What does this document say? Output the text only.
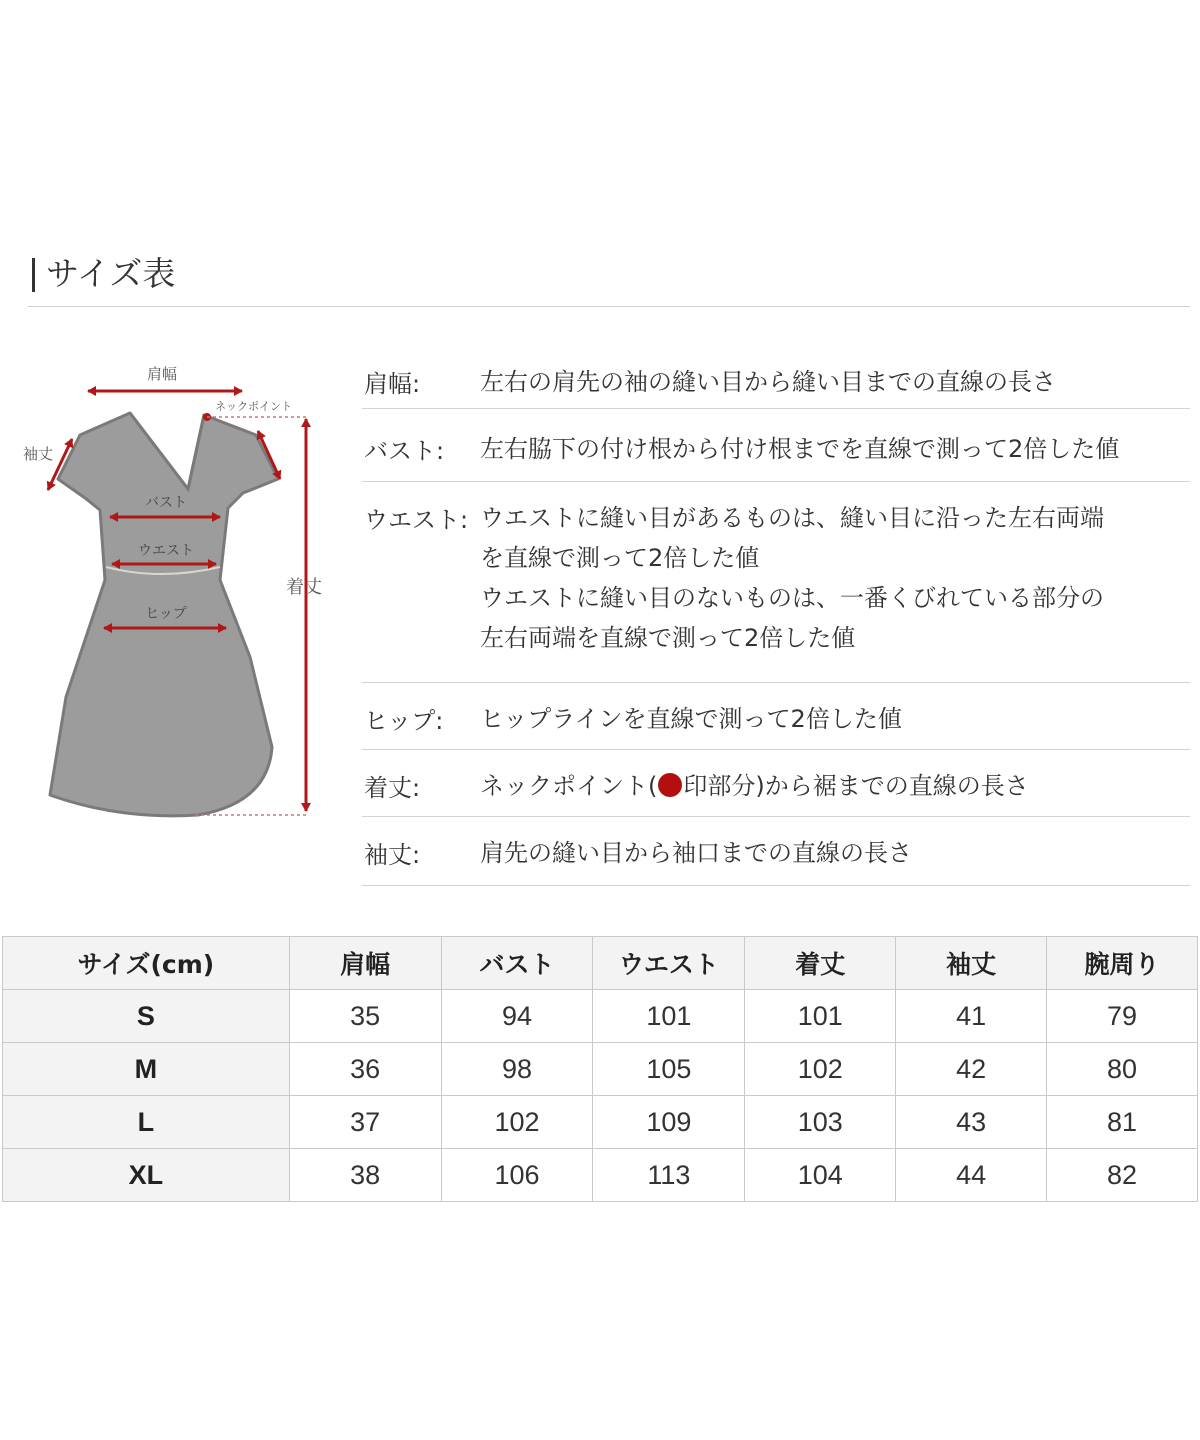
サイズ表
肩幅
ネックポイント
着丈
袖丈
バスト
ウエスト
ヒップ
肩幅: 左右の肩先の袖の縫い目から縫い目までの直線の長さ
バスト: 左右脇下の付け根から付け根までを直線で測って2倍した値
ウエスト: ウエストに縫い目があるものは、縫い目に沿った左右両端
を直線で測って2倍した値
ウエストに縫い目のないものは、一番くびれている部分の
左右両端を直線で測って2倍した値
ヒップ: ヒップラインを直線で測って2倍した値
着丈: ネックポイント( 印部分)から裾までの直線の長さ
袖丈: 肩先の縫い目から袖口までの直線の長さ
サイズ(cm)	肩幅	バスト	ウエスト	着丈	袖丈	腕周り
S	35	94	101	101	41	79
M	36	98	105	102	42	80
L	37	102	109	103	43	81
XL	38	106	113	104	44	82
